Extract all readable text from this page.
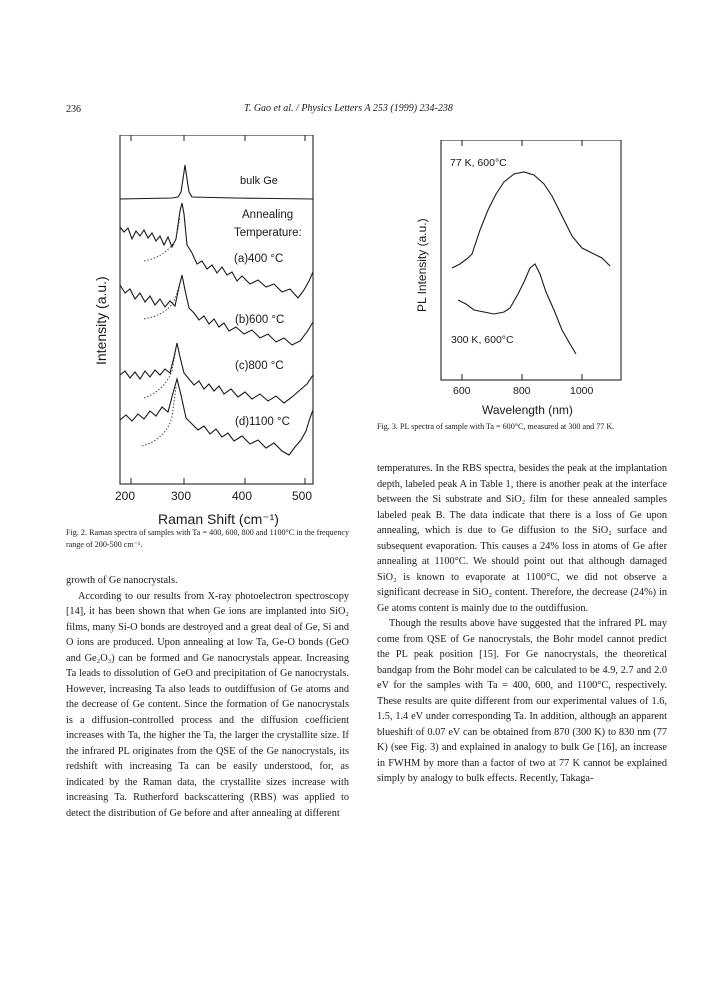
236	T. Gao et al. / Physics Letters A 253 (1999) 234-238
200	300	400	500
Raman Shift (cm⁻¹)
Intensity (a.u.)
bulk Ge
Annealing
Temperature:
(a)400 °C
(b)600 °C
(c)800 °C
(d)1100 °C
Fig. 2. Raman spectra of samples with Ta = 400, 600, 800 and 1100°C in the frequency range of 200-500 cm⁻¹.
600	800	1000
Wavelength (nm)
PL Intensity (a.u.)
77 K, 600°C
300 K, 600°C
Fig. 3. PL spectra of sample with Ta = 600°C, measured at 300 and 77 K.

growth of Ge nanocrystals.

According to our results from X-ray photoelectron spectroscopy [14], it has been shown that when Ge ions are implanted into SiO₂ films, many Si-O bonds are destroyed and a great deal of Ge, Si and O ions are produced. Upon annealing at low Ta, Ge-O bonds (GeO and Ge₂O₃) can be formed and Ge nanocrystals appear. Increasing Ta leads to dissolution of GeO and precipitation of Ge nanocrystals. However, increasing Ta also leads to outdiffusion of Ge atoms and the decrease of Ge content. Since the formation of Ge nanocrystals is a diffusion-controlled process and the diffusion coefficient increases with Ta, the higher the Ta, the larger the crystallite size. If the infrared PL originates from the QSE of the Ge nanocrystals, its redshift with increasing Ta can be easily understood, for, as indicated by the Raman data, the crystallite sizes increase with increasing Ta. Rutherford backscattering (RBS) was applied to detect the distribution of Ge before and after annealing at different

temperatures. In the RBS spectra, besides the peak at the implantation depth, labeled peak A in Table 1, there is another peak at the interface between the Si substrate and SiO₂ film for these annealed samples labeled peak B. The data indicate that there is a loss of Ge upon annealing, which is due to Ge diffusion to the SiO₂ surface and subsequent evaporation. This causes a 24% loss in atoms of Ge after annealing at 1100°C. We should point out that although damaged SiO₂ is known to evaporate at 1100°C, we did not observe a significant decrease in SiO₂ content. Therefore, the decrease (24%) in Ge atoms content is mainly due to the outdiffusion.

Though the results above have suggested that the infrared PL may come from QSE of Ge nanocrystals, the Bohr model cannot predict the PL peak position [15]. For Ge nanocrystals, the theoretical bandgap from the Bohr model can be calculated to be 4.9, 2.7 and 2.0 eV for the samples with Ta = 400, 600, and 1100°C, respectively. These results are quite different from our experimental values of 1.6, 1.5, 1.4 eV under corresponding Ta. In addition, although an apparent blueshift of 0.07 eV can be obtained from 870 (300 K) to 830 nm (77 K) (see Fig. 3) and explained in analogy to bulk Ge [16], an increase in FWHM by more than a factor of two at 77 K cannot be explained simply by analogy to bulk effects. Recently, Takaga-
